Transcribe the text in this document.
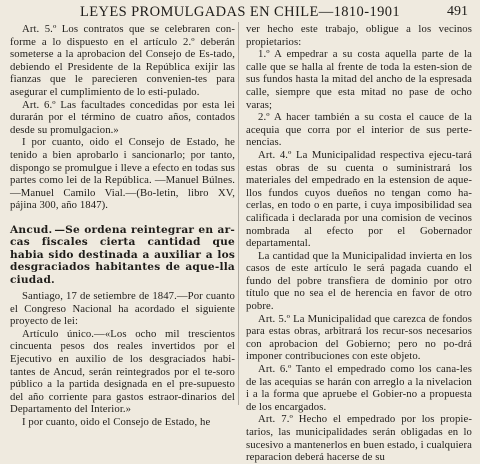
LEYES PROMULGADAS EN CHILE—1810-1901	491

Art. 5.º Los contratos que se celebraren con-forme a lo dispuesto en el artículo 2.º deberán someterse a la aprobacion del Consejo de Es-tado, debiendo el Presidente de la República exijir las fianzas que le parecieren convenien-tes para asegurar el cumplimiento de lo esti-pulado.

Art. 6.º Las facultades concedidas por esta lei durarán por el término de cuatro años, contados desde su promulgacion.»

I por cuanto, oido el Consejo de Estado, he tenido a bien aprobarlo i sancionarlo; por tanto, dispongo se promulgue i lleve a efecto en todas sus partes como lei de la República. —Manuel Búlnes.—Manuel Camilo Vial.—(Bo-letin, libro XV, pájina 300, año 1847).

Ancud. —Se ordena reintegrar en ar-cas fiscales cierta cantidad que habia sido destinada a auxiliar a los desgraciados habitantes de aque-lla ciudad.

Santiago, 17 de setiembre de 1847.—Por cuanto el Congreso Nacional ha acordado el siguiente proyecto de lei:

Artículo único.—«Los ocho mil trescientos cincuenta pesos dos reales invertidos por el Ejecutivo en auxilio de los desgraciados habi-tantes de Ancud, serán reintegrados por el te-soro público a la partida designada en el pre-supuesto del año corriente para gastos estraor-dinarios del Departamento del Interior.»

I por cuanto, oido el Consejo de Estado, he

ver hecho este trabajo, obligue a los vecinos propietarios:

1.º A empedrar a su costa aquella parte de la calle que se halla al frente de toda la esten-sion de sus fundos hasta la mitad del ancho de la espresada calle, siempre que esta mitad no pase de ocho varas;

2.º A hacer también a su costa el cauce de la acequia que corra por el interior de sus perte-nencias.

Art. 4.º La Municipalidad respectiva ejecu-tará estas obras de su cuenta o suministrará los materiales del empedrado en la estension de aque-llos fundos cuyos dueños no tengan como ha-cerlas, en todo o en parte, i cuya imposibilidad sea calificada i declarada por una comision de vecinos nombrada al efecto por el Gobernador departamental.

La cantidad que la Municipalidad invierta en los casos de este artículo le será pagada cuando el fundo del pobre transfiera de dominio por otro título que no sea el de herencia en favor de otro pobre.

Art. 5.º La Municipalidad que carezca de fondos para estas obras, arbitrará los recur-sos necesarios con aprobacion del Gobierno; pero no po-drá imponer contribuciones con este objeto.

Art. 6.º Tanto el empedrado como los cana-les de las acequias se harán con arreglo a la nivelacion i a la forma que apruebe el Gobier-no a propuesta de los encargados.

Art. 7.º Hecho el empedrado por los propie-tarios, las municipalidades serán obligadas en lo sucesivo a mantenerlos en buen estado, i cualquiera reparacion deberá hacerse de su
